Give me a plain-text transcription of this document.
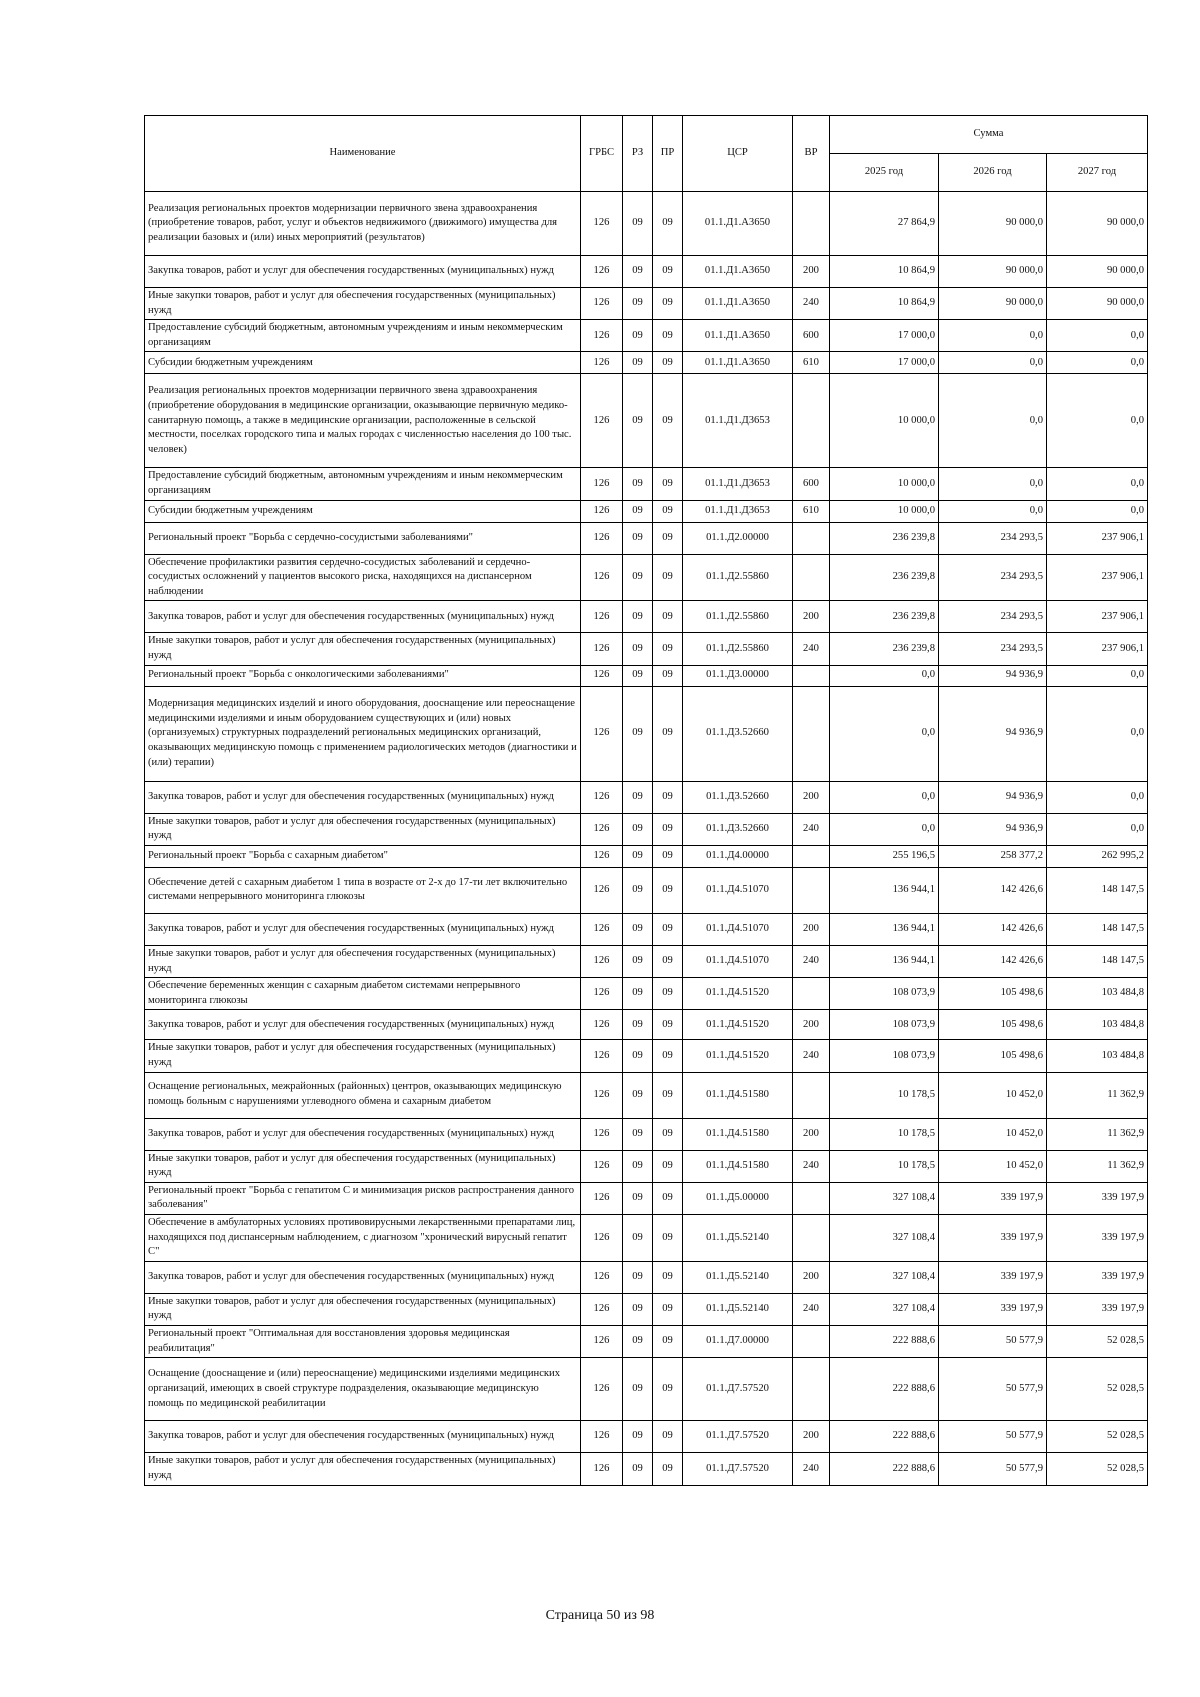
Наименование	ГРБС	РЗ	ПР	ЦСР	ВР	Сумма		
						2025 год	2026 год	2027 год
Реализация региональных проектов модернизации первичного звена здравоохранения (приобретение товаров, работ, услуг и объектов недвижимого (движимого) имущества для реализации базовых и (или) иных мероприятий (результатов)	126	09	09	01.1.Д1.А3650		27 864,9	90 000,0	90 000,0
Закупка товаров, работ и услуг для обеспечения государственных (муниципальных) нужд	126	09	09	01.1.Д1.А3650	200	10 864,9	90 000,0	90 000,0
Иные закупки товаров, работ и услуг для обеспечения государственных (муниципальных) нужд	126	09	09	01.1.Д1.А3650	240	10 864,9	90 000,0	90 000,0
Предоставление субсидий бюджетным, автономным учреждениям и иным некоммерческим организациям	126	09	09	01.1.Д1.А3650	600	17 000,0	0,0	0,0
Субсидии бюджетным учреждениям	126	09	09	01.1.Д1.А3650	610	17 000,0	0,0	0,0
Реализация региональных проектов модернизации первичного звена здравоохранения (приобретение оборудования в медицинские организации, оказывающие первичную медико-санитарную помощь, а также в медицинские организации, расположенные в сельской местности, поселках городского типа и малых городах с численностью населения до 100 тыс. человек)	126	09	09	01.1.Д1.Д3653		10 000,0	0,0	0,0
Предоставление субсидий бюджетным, автономным учреждениям и иным некоммерческим организациям	126	09	09	01.1.Д1.Д3653	600	10 000,0	0,0	0,0
Субсидии бюджетным учреждениям	126	09	09	01.1.Д1.Д3653	610	10 000,0	0,0	0,0
Региональный проект "Борьба с сердечно-сосудистыми заболеваниями"	126	09	09	01.1.Д2.00000		236 239,8	234 293,5	237 906,1
Обеспечение профилактики развития сердечно-сосудистых заболеваний и сердечно-сосудистых осложнений у пациентов высокого риска, находящихся на диспансерном наблюдении	126	09	09	01.1.Д2.55860		236 239,8	234 293,5	237 906,1
Закупка товаров, работ и услуг для обеспечения государственных (муниципальных) нужд	126	09	09	01.1.Д2.55860	200	236 239,8	234 293,5	237 906,1
Иные закупки товаров, работ и услуг для обеспечения государственных (муниципальных) нужд	126	09	09	01.1.Д2.55860	240	236 239,8	234 293,5	237 906,1
Региональный проект "Борьба с онкологическими заболеваниями"	126	09	09	01.1.Д3.00000		0,0	94 936,9	0,0
Модернизация медицинских изделий и иного оборудования, дооснащение или переоснащение медицинскими изделиями и иным оборудованием существующих и (или) новых (организуемых) структурных подразделений региональных медицинских организаций, оказывающих медицинскую помощь с применением радиологических методов (диагностики и (или) терапии)	126	09	09	01.1.Д3.52660		0,0	94 936,9	0,0
Закупка товаров, работ и услуг для обеспечения государственных (муниципальных) нужд	126	09	09	01.1.Д3.52660	200	0,0	94 936,9	0,0
Иные закупки товаров, работ и услуг для обеспечения государственных (муниципальных) нужд	126	09	09	01.1.Д3.52660	240	0,0	94 936,9	0,0
Региональный проект "Борьба с сахарным диабетом"	126	09	09	01.1.Д4.00000		255 196,5	258 377,2	262 995,2
Обеспечение детей с сахарным диабетом 1 типа в возрасте от 2-х до 17-ти лет включительно системами непрерывного мониторинга глюкозы	126	09	09	01.1.Д4.51070		136 944,1	142 426,6	148 147,5
Закупка товаров, работ и услуг для обеспечения государственных (муниципальных) нужд	126	09	09	01.1.Д4.51070	200	136 944,1	142 426,6	148 147,5
Иные закупки товаров, работ и услуг для обеспечения государственных (муниципальных) нужд	126	09	09	01.1.Д4.51070	240	136 944,1	142 426,6	148 147,5
Обеспечение беременных женщин с сахарным диабетом системами непрерывного мониторинга глюкозы	126	09	09	01.1.Д4.51520		108 073,9	105 498,6	103 484,8
Закупка товаров, работ и услуг для обеспечения государственных (муниципальных) нужд	126	09	09	01.1.Д4.51520	200	108 073,9	105 498,6	103 484,8
Иные закупки товаров, работ и услуг для обеспечения государственных (муниципальных) нужд	126	09	09	01.1.Д4.51520	240	108 073,9	105 498,6	103 484,8
Оснащение региональных, межрайонных (районных) центров, оказывающих медицинскую помощь больным с нарушениями углеводного обмена и сахарным диабетом	126	09	09	01.1.Д4.51580		10 178,5	10 452,0	11 362,9
Закупка товаров, работ и услуг для обеспечения государственных (муниципальных) нужд	126	09	09	01.1.Д4.51580	200	10 178,5	10 452,0	11 362,9
Иные закупки товаров, работ и услуг для обеспечения государственных (муниципальных) нужд	126	09	09	01.1.Д4.51580	240	10 178,5	10 452,0	11 362,9
Региональный проект "Борьба с гепатитом С и минимизация рисков распространения данного заболевания"	126	09	09	01.1.Д5.00000		327 108,4	339 197,9	339 197,9
Обеспечение в амбулаторных условиях противовирусными лекарственными препаратами лиц, находящихся под диспансерным наблюдением, с диагнозом "хронический вирусный гепатит С"	126	09	09	01.1.Д5.52140		327 108,4	339 197,9	339 197,9
Закупка товаров, работ и услуг для обеспечения государственных (муниципальных) нужд	126	09	09	01.1.Д5.52140	200	327 108,4	339 197,9	339 197,9
Иные закупки товаров, работ и услуг для обеспечения государственных (муниципальных) нужд	126	09	09	01.1.Д5.52140	240	327 108,4	339 197,9	339 197,9
Региональный проект "Оптимальная для восстановления здоровья медицинская реабилитация"	126	09	09	01.1.Д7.00000		222 888,6	50 577,9	52 028,5
Оснащение (дооснащение и (или) переоснащение) медицинскими изделиями медицинских организаций, имеющих в своей структуре подразделения, оказывающие медицинскую помощь по медицинской реабилитации	126	09	09	01.1.Д7.57520		222 888,6	50 577,9	52 028,5
Закупка товаров, работ и услуг для обеспечения государственных (муниципальных) нужд	126	09	09	01.1.Д7.57520	200	222 888,6	50 577,9	52 028,5
Иные закупки товаров, работ и услуг для обеспечения государственных (муниципальных) нужд	126	09	09	01.1.Д7.57520	240	222 888,6	50 577,9	52 028,5
Страница 50 из 98
